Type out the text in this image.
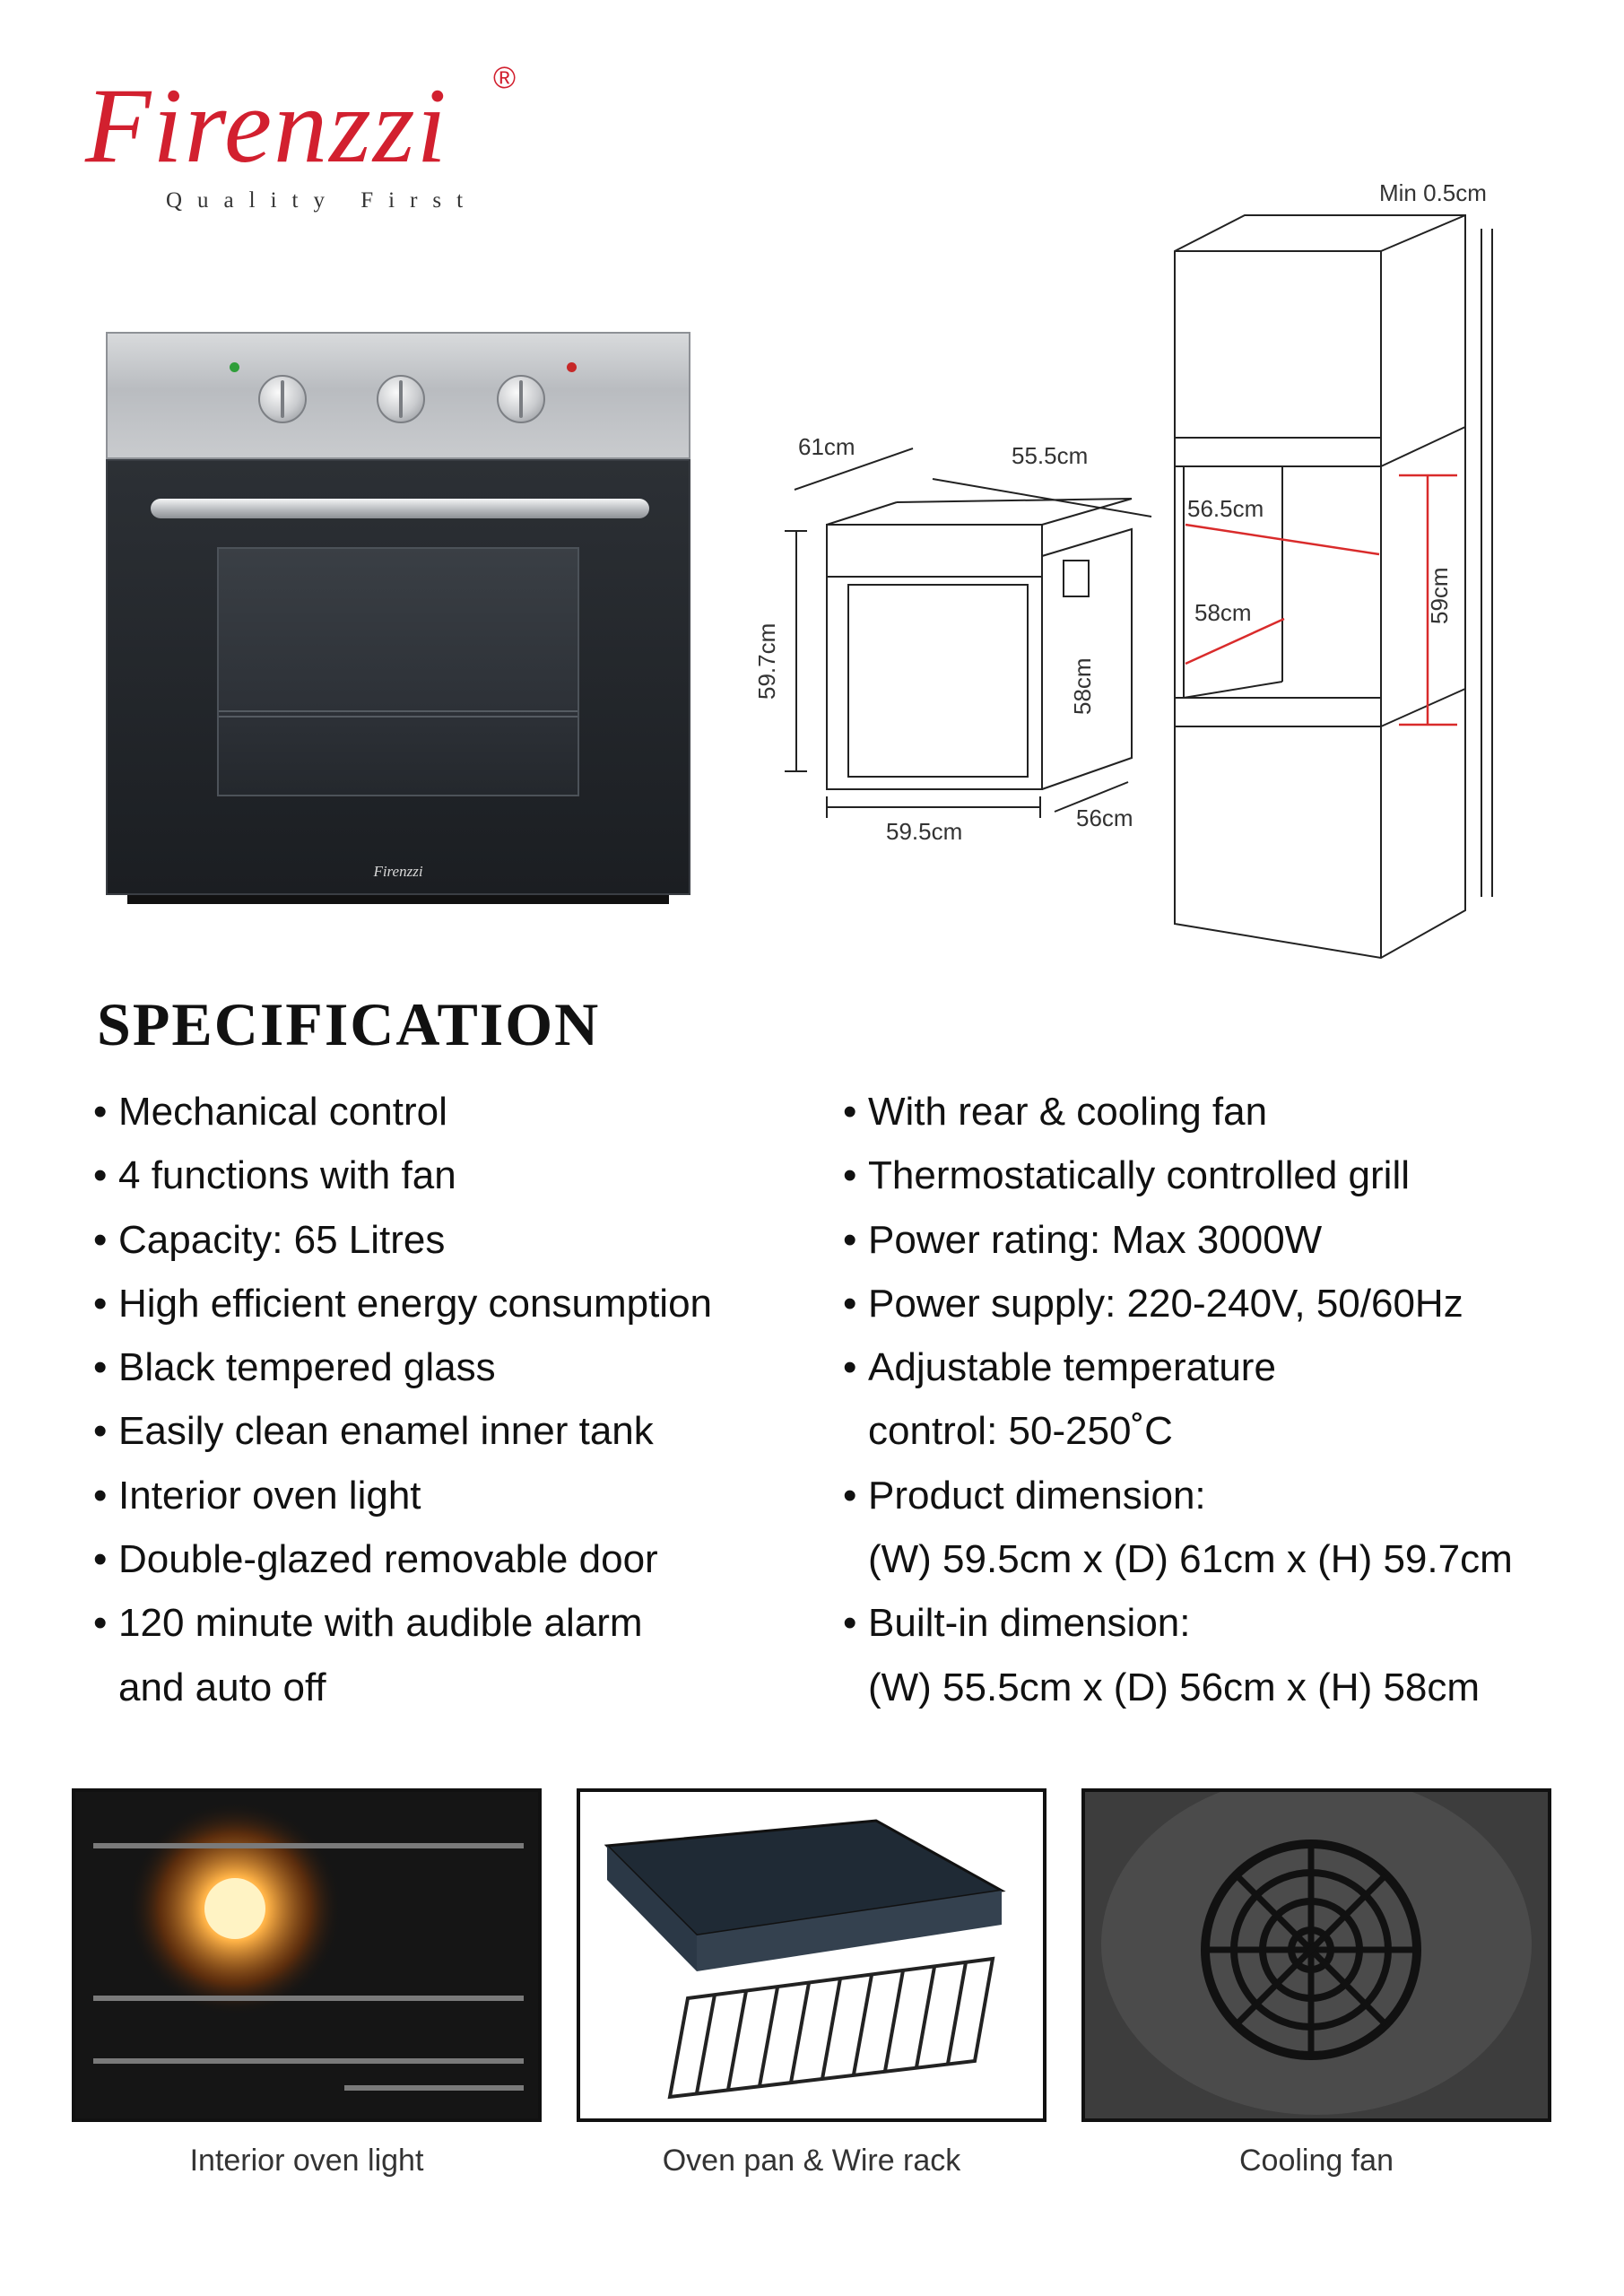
Firenzzi ®
Quality First
Firenzzi
61cm	55.5cm
59.7cm	58cm
59.5cm	56cm
Min 0.5cm
56.5cm
58cm	59cm
SPECIFICATION
• Mechanical control
• 4 functions with fan
• Capacity: 65 Litres
• High efficient energy consumption
• Black tempered glass
• Easily clean enamel inner tank
• Interior oven light
• Double-glazed removable door
• 120 minute with audible alarm
and auto off
• With rear & cooling fan
• Thermostatically controlled grill
• Power rating: Max 3000W
• Power supply: 220-240V, 50/60Hz
• Adjustable temperature
control: 50-250˚C
• Product dimension:
(W) 59.5cm x (D) 61cm x (H) 59.7cm
• Built-in dimension:
(W) 55.5cm x (D) 56cm x (H) 58cm
Interior oven light	Oven pan & Wire rack	Cooling fan
